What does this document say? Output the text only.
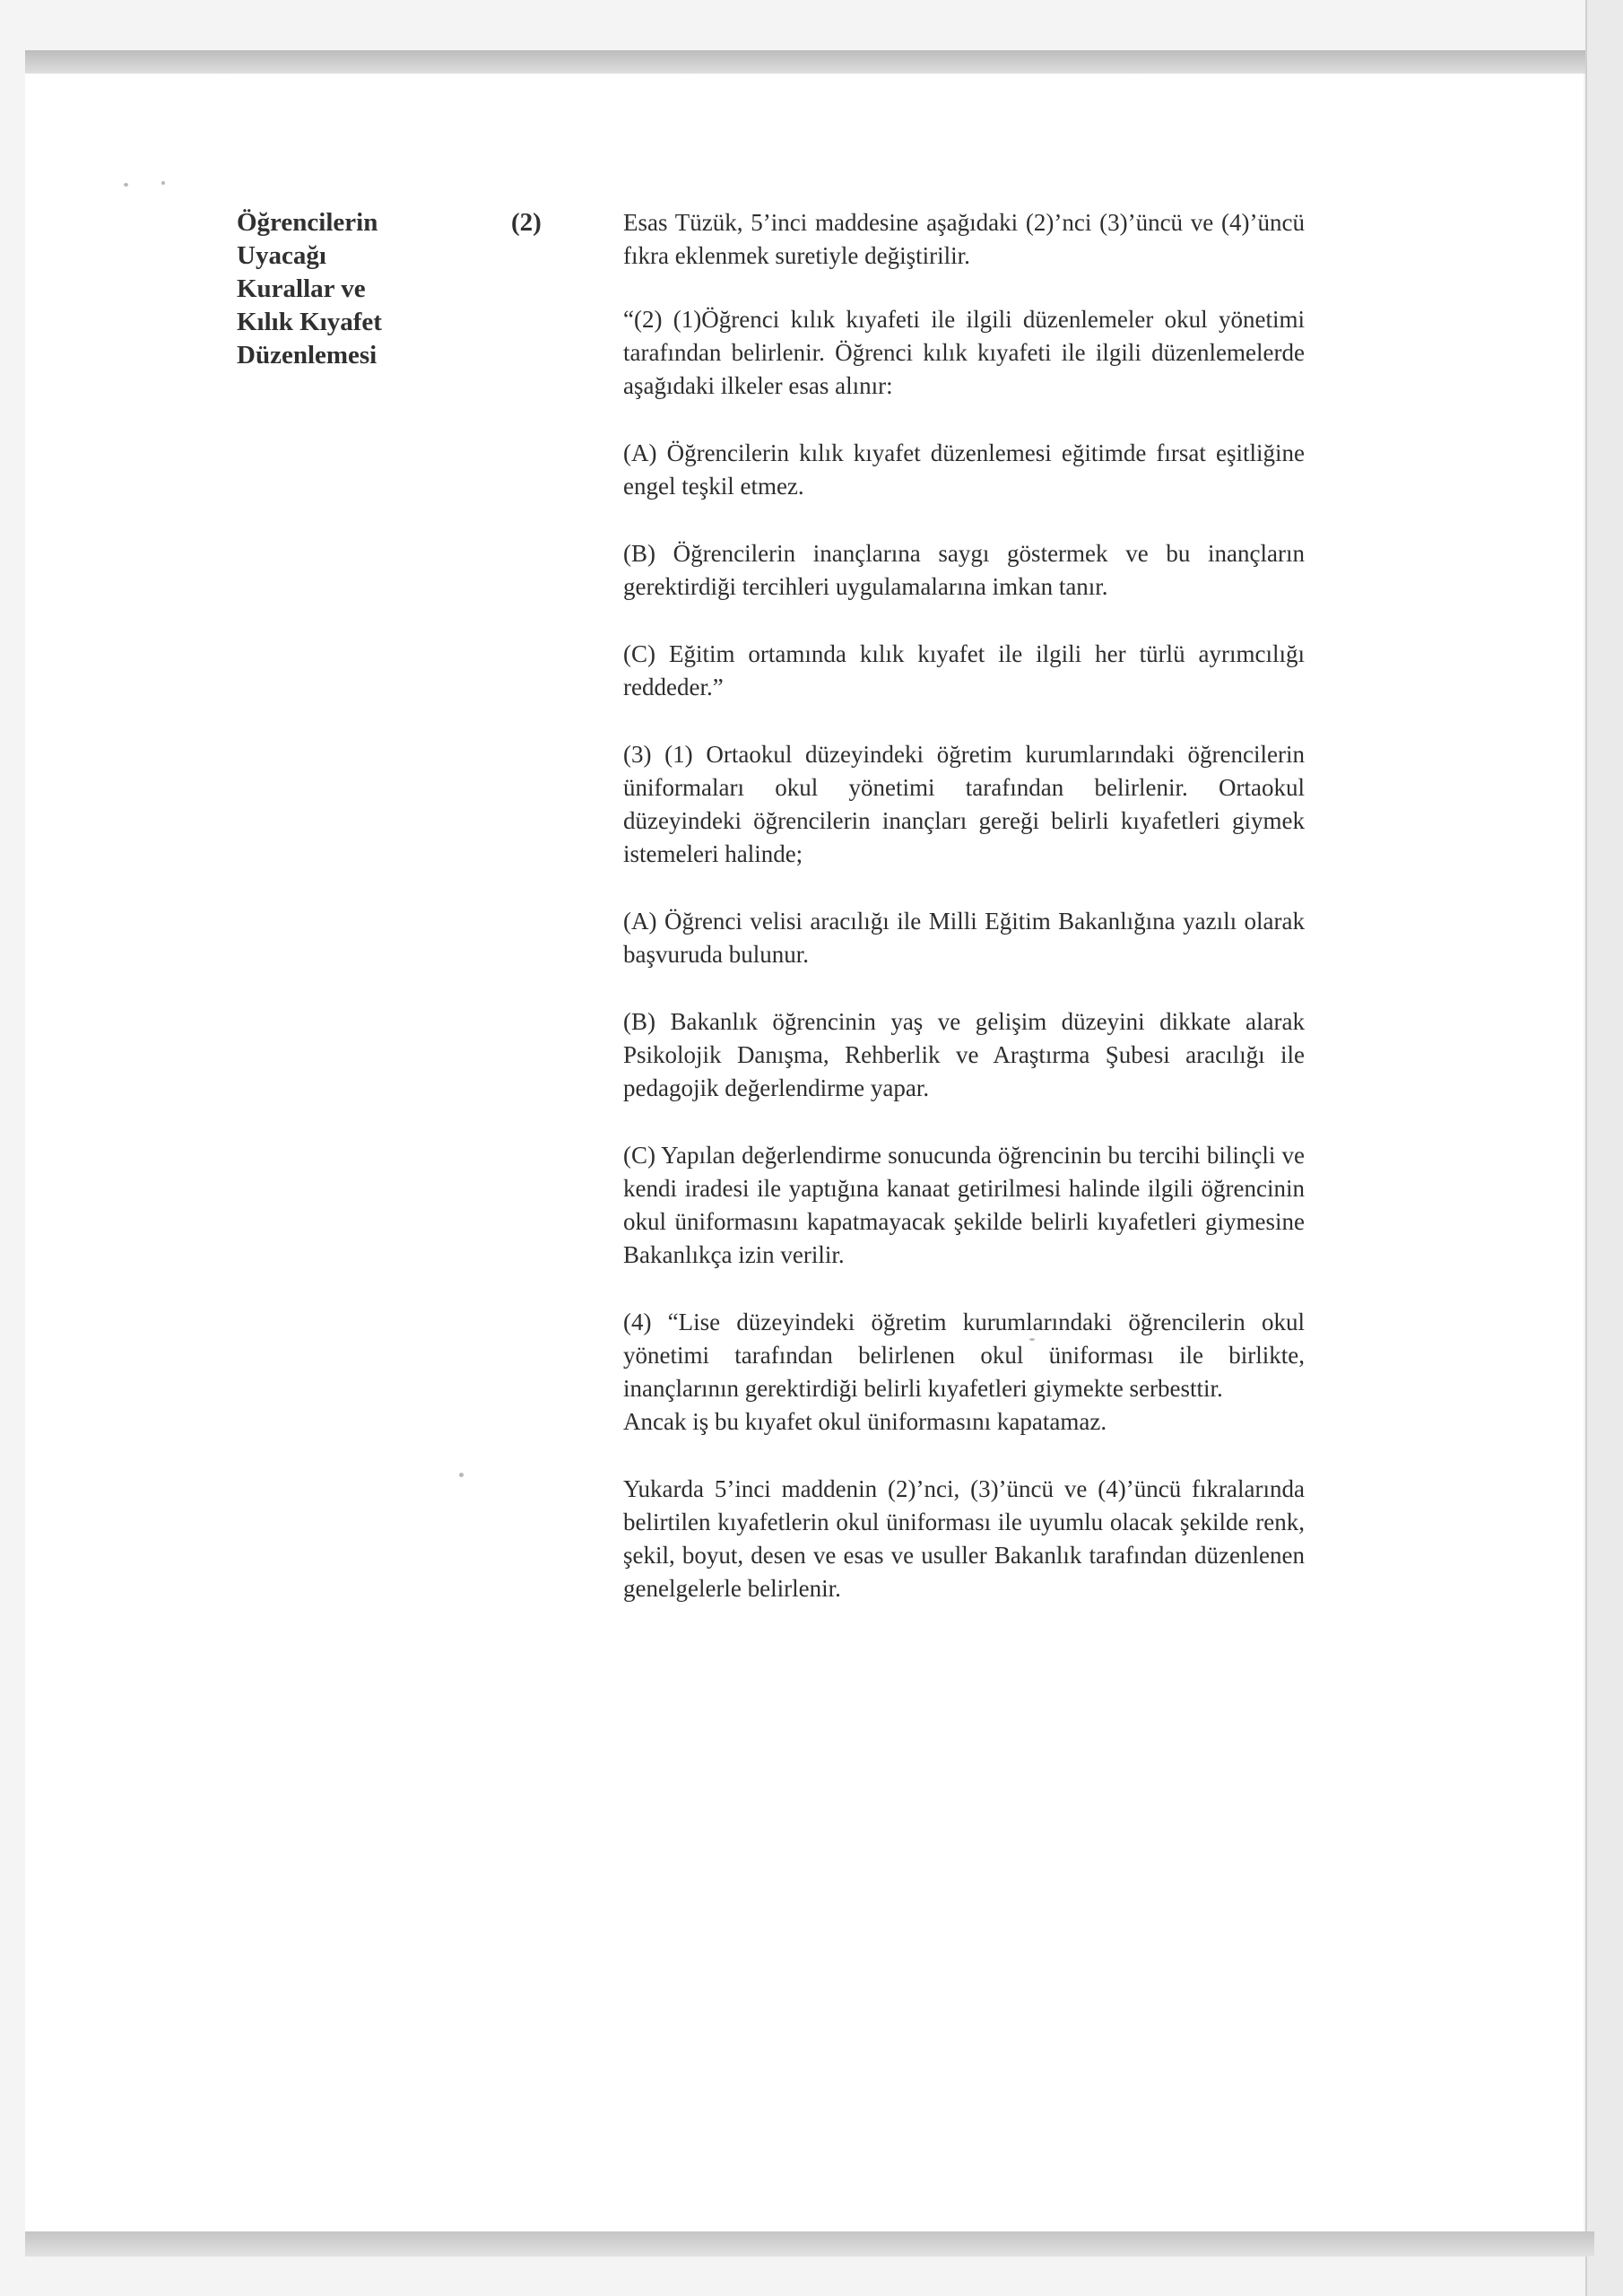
Öğrencilerin
Uyacağı
Kurallar ve
Kılık Kıyafet
Düzenlemesi
(2)	Esas Tüzük, 5’inci maddesine aşağıdaki (2)’nci (3)’üncü ve (4)’üncü fıkra eklenmek suretiyle değiştirilir.

“(2) (1)Öğrenci kılık kıyafeti ile ilgili düzenlemeler okul yönetimi tarafından belirlenir. Öğrenci kılık kıyafeti ile ilgili düzenlemelerde aşağıdaki ilkeler esas alınır:

(A) Öğrencilerin kılık kıyafet düzenlemesi eğitimde fırsat eşitliğine engel teşkil etmez.

(B) Öğrencilerin inançlarına saygı göstermek ve bu inançların gerektirdiği tercihleri uygulamalarına imkan tanır.

(C) Eğitim ortamında kılık kıyafet ile ilgili her türlü ayrımcılığı reddeder.”

(3) (1) Ortaokul düzeyindeki öğretim kurumlarındaki öğrencilerin üniformaları okul yönetimi tarafından belirlenir. Ortaokul düzeyindeki öğrencilerin inançları gereği belirli kıyafetleri giymek istemeleri halinde;

(A) Öğrenci velisi aracılığı ile Milli Eğitim Bakanlığına yazılı olarak başvuruda bulunur.

(B) Bakanlık öğrencinin yaş ve gelişim düzeyini dikkate alarak Psikolojik Danışma, Rehberlik ve Araştırma Şubesi aracılığı ile pedagojik değerlendirme yapar.

(C) Yapılan değerlendirme sonucunda öğrencinin bu tercihi bilinçli ve kendi iradesi ile yaptığına kanaat getirilmesi halinde ilgili öğrencinin okul üniformasını kapatmayacak şekilde belirli kıyafetleri giymesine Bakanlıkça izin verilir.

(4) “Lise düzeyindeki öğretim kurumlarındaki öğrencilerin okul yönetimi tarafından belirlenen okul üniforması ile birlikte, inançlarının gerektirdiği belirli kıyafetleri giymekte serbesttir.

Ancak iş bu kıyafet okul üniformasını kapatamaz.

Yukarda 5’inci maddenin (2)’nci, (3)’üncü ve (4)’üncü fıkralarında belirtilen kıyafetlerin okul üniforması ile uyumlu olacak şekilde renk, şekil, boyut, desen ve esas ve usuller Bakanlık tarafından düzenlenen genelgelerle belirlenir.
